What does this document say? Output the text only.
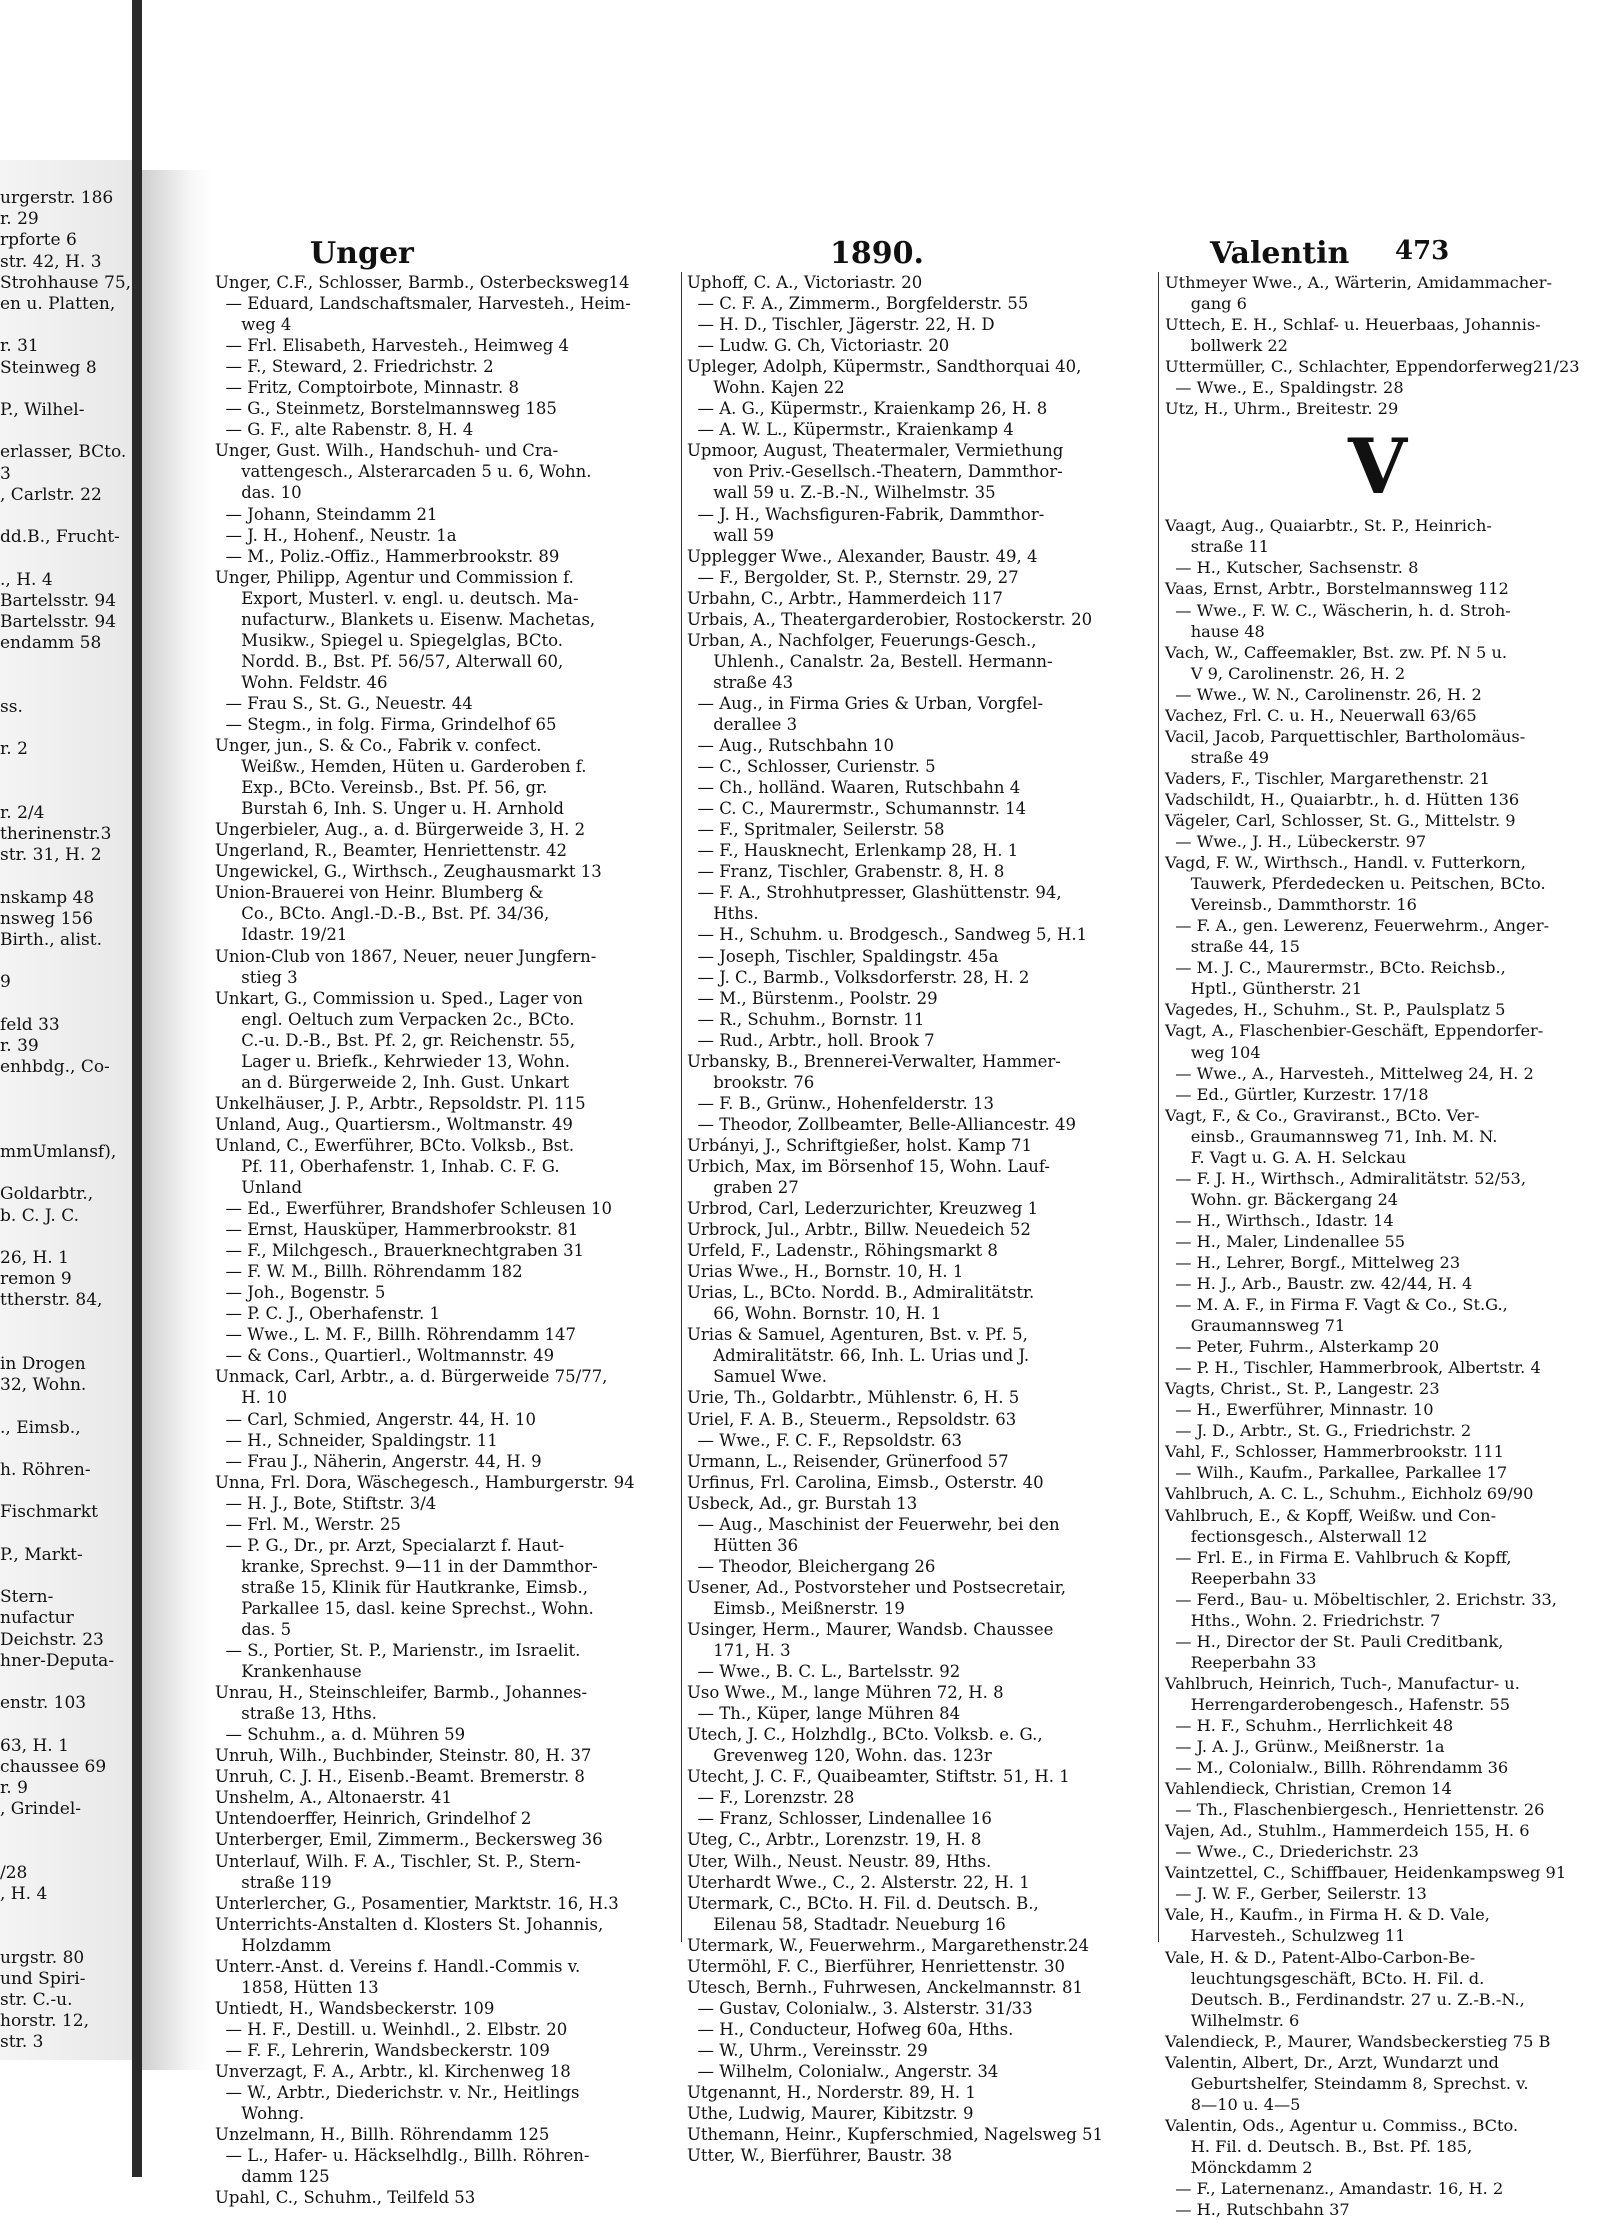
urgerstr. 186
r. 29
rpforte 6
str. 42, H. 3
Strohhause 75,
en u. Platten,
r. 31
Steinweg 8
P., Wilhel-
erlasser, BCto.
3
, Carlstr. 22
dd.B., Frucht-
., H. 4
Bartelsstr. 94
Bartelsstr. 94
endamm 58
ss.
r. 2
r. 2/4
therinenstr.3
str. 31, H. 2
nskamp 48
nsweg 156
Birth., alist.
9
feld 33
r. 39
enhbdg., Co-
mmUmlansf),
Goldarbtr.,
b. C. J. C.
26, H. 1
remon 9
ttherstr. 84,
in Drogen
32, Wohn.
., Eimsb.,
h. Röhren-
Fischmarkt
P., Markt-
Stern-
nufactur
Deichstr. 23
hner-Deputa-
enstr. 103
63, H. 1
chaussee 69
r. 9
, Grindel-
/28
, H. 4
urgstr. 80
und Spiri-
str. C.-u.
horstr. 12,
str. 3
Unger	1890.	Valentin 473
Unger, C.F., Schlosser, Barmb., Osterbecksweg14
— Eduard, Landschaftsmaler, Harvesteh., Heim-
weg 4
— Frl. Elisabeth, Harvesteh., Heimweg 4
— F., Steward, 2. Friedrichstr. 2
— Fritz, Comptoirbote, Minnastr. 8
— G., Steinmetz, Borstelmannsweg 185
— G. F., alte Rabenstr. 8, H. 4
Unger, Gust. Wilh., Handschuh- und Cra-
vattengesch., Alsterarcaden 5 u. 6, Wohn.
das. 10
— Johann, Steindamm 21
— J. H., Hohenf., Neustr. 1a
— M., Poliz.-Offiz., Hammerbrookstr. 89
Unger, Philipp, Agentur und Commission f.
Export, Musterl. v. engl. u. deutsch. Ma-
nufacturw., Blankets u. Eisenw. Machetas,
Musikw., Spiegel u. Spiegelglas, BCto.
Nordd. B., Bst. Pf. 56/57, Alterwall 60,
Wohn. Feldstr. 46
— Frau S., St. G., Neuestr. 44
— Stegm., in folg. Firma, Grindelhof 65
Unger, jun., S. & Co., Fabrik v. confect.
Weißw., Hemden, Hüten u. Garderoben f.
Exp., BCto. Vereinsb., Bst. Pf. 56, gr.
Burstah 6, Inh. S. Unger u. H. Arnhold
Ungerbieler, Aug., a. d. Bürgerweide 3, H. 2
Ungerland, R., Beamter, Henriettenstr. 42
Ungewickel, G., Wirthsch., Zeughausmarkt 13
Union-Brauerei von Heinr. Blumberg &
Co., BCto. Angl.-D.-B., Bst. Pf. 34/36,
Idastr. 19/21
Union-Club von 1867, Neuer, neuer Jungfern-
stieg 3
Unkart, G., Commission u. Sped., Lager von
engl. Oeltuch zum Verpacken 2c., BCto.
C.-u. D.-B., Bst. Pf. 2, gr. Reichenstr. 55,
Lager u. Briefk., Kehrwieder 13, Wohn.
an d. Bürgerweide 2, Inh. Gust. Unkart
Unkelhäuser, J. P., Arbtr., Repsoldstr. Pl. 115
Unland, Aug., Quartiersm., Woltmanstr. 49
Unland, C., Ewerführer, BCto. Volksb., Bst.
Pf. 11, Oberhafenstr. 1, Inhab. C. F. G.
Unland
— Ed., Ewerführer, Brandshofer Schleusen 10
— Ernst, Hausküper, Hammerbrookstr. 81
— F., Milchgesch., Brauerknechtgraben 31
— F. W. M., Billh. Röhrendamm 182
— Joh., Bogenstr. 5
— P. C. J., Oberhafenstr. 1
— Wwe., L. M. F., Billh. Röhrendamm 147
— & Cons., Quartierl., Woltmannstr. 49
Unmack, Carl, Arbtr., a. d. Bürgerweide 75/77,
H. 10
— Carl, Schmied, Angerstr. 44, H. 10
— H., Schneider, Spaldingstr. 11
— Frau J., Näherin, Angerstr. 44, H. 9
Unna, Frl. Dora, Wäschegesch., Hamburgerstr. 94
— H. J., Bote, Stiftstr. 3/4
— Frl. M., Werstr. 25
— P. G., Dr., pr. Arzt, Specialarzt f. Haut-
kranke, Sprechst. 9—11 in der Dammthor-
straße 15, Klinik für Hautkranke, Eimsb.,
Parkallee 15, dasl. keine Sprechst., Wohn.
das. 5
— S., Portier, St. P., Marienstr., im Israelit.
Krankenhause
Unrau, H., Steinschleifer, Barmb., Johannes-
straße 13, Hths.
— Schuhm., a. d. Mühren 59
Unruh, Wilh., Buchbinder, Steinstr. 80, H. 37
Unruh, C. J. H., Eisenb.-Beamt. Bremerstr. 8
Unshelm, A., Altonaerstr. 41
Untendoerffer, Heinrich, Grindelhof 2
Unterberger, Emil, Zimmerm., Beckersweg 36
Unterlauf, Wilh. F. A., Tischler, St. P., Stern-
straße 119
Unterlercher, G., Posamentier, Marktstr. 16, H.3
Unterrichts-Anstalten d. Klosters St. Johannis,
Holzdamm
Unterr.-Anst. d. Vereins f. Handl.-Commis v.
1858, Hütten 13
Untiedt, H., Wandsbeckerstr. 109
— H. F., Destill. u. Weinhdl., 2. Elbstr. 20
— F. F., Lehrerin, Wandsbeckerstr. 109
Unverzagt, F. A., Arbtr., kl. Kirchenweg 18
— W., Arbtr., Diederichstr. v. Nr., Heitlings
Wohng.
Unzelmann, H., Billh. Röhrendamm 125
— L., Hafer- u. Häckselhdlg., Billh. Röhren-
damm 125
Upahl, C., Schuhm., Teilfeld 53
Uphoff, C. A., Victoriastr. 20
— C. F. A., Zimmerm., Borgfelderstr. 55
— H. D., Tischler, Jägerstr. 22, H. D
— Ludw. G. Ch, Victoriastr. 20
Upleger, Adolph, Küpermstr., Sandthorquai 40,
Wohn. Kajen 22
— A. G., Küpermstr., Kraienkamp 26, H. 8
— A. W. L., Küpermstr., Kraienkamp 4
Upmoor, August, Theatermaler, Vermiethung
von Priv.-Gesellsch.-Theatern, Dammthor-
wall 59 u. Z.-B.-N., Wilhelmstr. 35
— J. H., Wachsfiguren-Fabrik, Dammthor-
wall 59
Upplegger Wwe., Alexander, Baustr. 49, 4
— F., Bergolder, St. P., Sternstr. 29, 27
Urbahn, C., Arbtr., Hammerdeich 117
Urbais, A., Theatergarderobier, Rostockerstr. 20
Urban, A., Nachfolger, Feuerungs-Gesch.,
Uhlenh., Canalstr. 2a, Bestell. Hermann-
straße 43
— Aug., in Firma Gries & Urban, Vorgfel-
derallee 3
— Aug., Rutschbahn 10
— C., Schlosser, Curienstr. 5
— Ch., holländ. Waaren, Rutschbahn 4
— C. C., Maurermstr., Schumannstr. 14
— F., Spritmaler, Seilerstr. 58
— F., Hausknecht, Erlenkamp 28, H. 1
— Franz, Tischler, Grabenstr. 8, H. 8
— F. A., Strohhutpresser, Glashüttenstr. 94,
Hths.
— H., Schuhm. u. Brodgesch., Sandweg 5, H.1
— Joseph, Tischler, Spaldingstr. 45a
— J. C., Barmb., Volksdorferstr. 28, H. 2
— M., Bürstenm., Poolstr. 29
— R., Schuhm., Bornstr. 11
— Rud., Arbtr., holl. Brook 7
Urbansky, B., Brennerei-Verwalter, Hammer-
brookstr. 76
— F. B., Grünw., Hohenfelderstr. 13
— Theodor, Zollbeamter, Belle-Alliancestr. 49
Urbányi, J., Schriftgießer, holst. Kamp 71
Urbich, Max, im Börsenhof 15, Wohn. Lauf-
graben 27
Urbrod, Carl, Lederzurichter, Kreuzweg 1
Urbrock, Jul., Arbtr., Billw. Neuedeich 52
Urfeld, F., Ladenstr., Röhingsmarkt 8
Urias Wwe., H., Bornstr. 10, H. 1
Urias, L., BCto. Nordd. B., Admiralitätstr.
66, Wohn. Bornstr. 10, H. 1
Urias & Samuel, Agenturen, Bst. v. Pf. 5,
Admiralitätstr. 66, Inh. L. Urias und J.
Samuel Wwe.
Urie, Th., Goldarbtr., Mühlenstr. 6, H. 5
Uriel, F. A. B., Steuerm., Repsoldstr. 63
— Wwe., F. C. F., Repsoldstr. 63
Urmann, L., Reisender, Grünerfood 57
Urfinus, Frl. Carolina, Eimsb., Osterstr. 40
Usbeck, Ad., gr. Burstah 13
— Aug., Maschinist der Feuerwehr, bei den
Hütten 36
— Theodor, Bleichergang 26
Usener, Ad., Postvorsteher und Postsecretair,
Eimsb., Meißnerstr. 19
Usinger, Herm., Maurer, Wandsb. Chaussee
171, H. 3
— Wwe., B. C. L., Bartelsstr. 92
Uso Wwe., M., lange Mühren 72, H. 8
— Th., Küper, lange Mühren 84
Utech, J. C., Holzhdlg., BCto. Volksb. e. G.,
Grevenweg 120, Wohn. das. 123r
Utecht, J. C. F., Quaibeamter, Stiftstr. 51, H. 1
— F., Lorenzstr. 28
— Franz, Schlosser, Lindenallee 16
Uteg, C., Arbtr., Lorenzstr. 19, H. 8
Uter, Wilh., Neust. Neustr. 89, Hths.
Uterhardt Wwe., C., 2. Alsterstr. 22, H. 1
Utermark, C., BCto. H. Fil. d. Deutsch. B.,
Eilenau 58, Stadtadr. Neueburg 16
Utermark, W., Feuerwehrm., Margarethenstr.24
Utermöhl, F. C., Bierführer, Henriettenstr. 30
Utesch, Bernh., Fuhrwesen, Anckelmannstr. 81
— Gustav, Colonialw., 3. Alsterstr. 31/33
— H., Conducteur, Hofweg 60a, Hths.
— W., Uhrm., Vereinsstr. 29
— Wilhelm, Colonialw., Angerstr. 34
Utgenannt, H., Norderstr. 89, H. 1
Uthe, Ludwig, Maurer, Kibitzstr. 9
Uthemann, Heinr., Kupferschmied, Nagelsweg 51
Utter, W., Bierführer, Baustr. 38
Uthmeyer Wwe., A., Wärterin, Amidammacher-
gang 6
Uttech, E. H., Schlaf- u. Heuerbaas, Johannis-
bollwerk 22
Uttermüller, C., Schlachter, Eppendorferweg21/23
— Wwe., E., Spaldingstr. 28
Utz, H., Uhrm., Breitestr. 29
V
Vaagt, Aug., Quaiarbtr., St. P., Heinrich-
straße 11
— H., Kutscher, Sachsenstr. 8
Vaas, Ernst, Arbtr., Borstelmannsweg 112
— Wwe., F. W. C., Wäscherin, h. d. Stroh-
hause 48
Vach, W., Caffeemakler, Bst. zw. Pf. N 5 u.
V 9, Carolinenstr. 26, H. 2
— Wwe., W. N., Carolinenstr. 26, H. 2
Vachez, Frl. C. u. H., Neuerwall 63/65
Vacil, Jacob, Parquettischler, Bartholomäus-
straße 49
Vaders, F., Tischler, Margarethenstr. 21
Vadschildt, H., Quaiarbtr., h. d. Hütten 136
Vägeler, Carl, Schlosser, St. G., Mittelstr. 9
— Wwe., J. H., Lübeckerstr. 97
Vagd, F. W., Wirthsch., Handl. v. Futterkorn,
Tauwerk, Pferdedecken u. Peitschen, BCto.
Vereinsb., Dammthorstr. 16
— F. A., gen. Lewerenz, Feuerwehrm., Anger-
straße 44, 15
— M. J. C., Maurermstr., BCto. Reichsb.,
Hptl., Güntherstr. 21
Vagedes, H., Schuhm., St. P., Paulsplatz 5
Vagt, A., Flaschenbier-Geschäft, Eppendorfer-
weg 104
— Wwe., A., Harvesteh., Mittelweg 24, H. 2
— Ed., Gürtler, Kurzestr. 17/18
Vagt, F., & Co., Graviranst., BCto. Ver-
einsb., Graumannsweg 71, Inh. M. N.
F. Vagt u. G. A. H. Selckau
— F. J. H., Wirthsch., Admiralitätstr. 52/53,
Wohn. gr. Bäckergang 24
— H., Wirthsch., Idastr. 14
— H., Maler, Lindenallee 55
— H., Lehrer, Borgf., Mittelweg 23
— H. J., Arb., Baustr. zw. 42/44, H. 4
— M. A. F., in Firma F. Vagt & Co., St.G.,
Graumannsweg 71
— Peter, Fuhrm., Alsterkamp 20
— P. H., Tischler, Hammerbrook, Albertstr. 4
Vagts, Christ., St. P., Langestr. 23
— H., Ewerführer, Minnastr. 10
— J. D., Arbtr., St. G., Friedrichstr. 2
Vahl, F., Schlosser, Hammerbrookstr. 111
— Wilh., Kaufm., Parkallee, Parkallee 17
Vahlbruch, A. C. L., Schuhm., Eichholz 69/90
Vahlbruch, E., & Kopff, Weißw. und Con-
fectionsgesch., Alsterwall 12
— Frl. E., in Firma E. Vahlbruch & Kopff,
Reeperbahn 33
— Ferd., Bau- u. Möbeltischler, 2. Erichstr. 33,
Hths., Wohn. 2. Friedrichstr. 7
— H., Director der St. Pauli Creditbank,
Reeperbahn 33
Vahlbruch, Heinrich, Tuch-, Manufactur- u.
Herrengarderobengesch., Hafenstr. 55
— H. F., Schuhm., Herrlichkeit 48
— J. A. J., Grünw., Meißnerstr. 1a
— M., Colonialw., Billh. Röhrendamm 36
Vahlendieck, Christian, Cremon 14
— Th., Flaschenbiergesch., Henriettenstr. 26
Vajen, Ad., Stuhlm., Hammerdeich 155, H. 6
— Wwe., C., Driederichstr. 23
Vaintzettel, C., Schiffbauer, Heidenkampsweg 91
— J. W. F., Gerber, Seilerstr. 13
Vale, H., Kaufm., in Firma H. & D. Vale,
Harvesteh., Schulzweg 11
Vale, H. & D., Patent-Albo-Carbon-Be-
leuchtungsgeschäft, BCto. H. Fil. d.
Deutsch. B., Ferdinandstr. 27 u. Z.-B.-N.,
Wilhelmstr. 6
Valendieck, P., Maurer, Wandsbeckerstieg 75 B
Valentin, Albert, Dr., Arzt, Wundarzt und
Geburtshelfer, Steindamm 8, Sprechst. v.
8—10 u. 4—5
Valentin, Ods., Agentur u. Commiss., BCto.
H. Fil. d. Deutsch. B., Bst. Pf. 185,
Mönckdamm 2
— F., Laternenanz., Amandastr. 16, H. 2
— H., Rutschbahn 37
